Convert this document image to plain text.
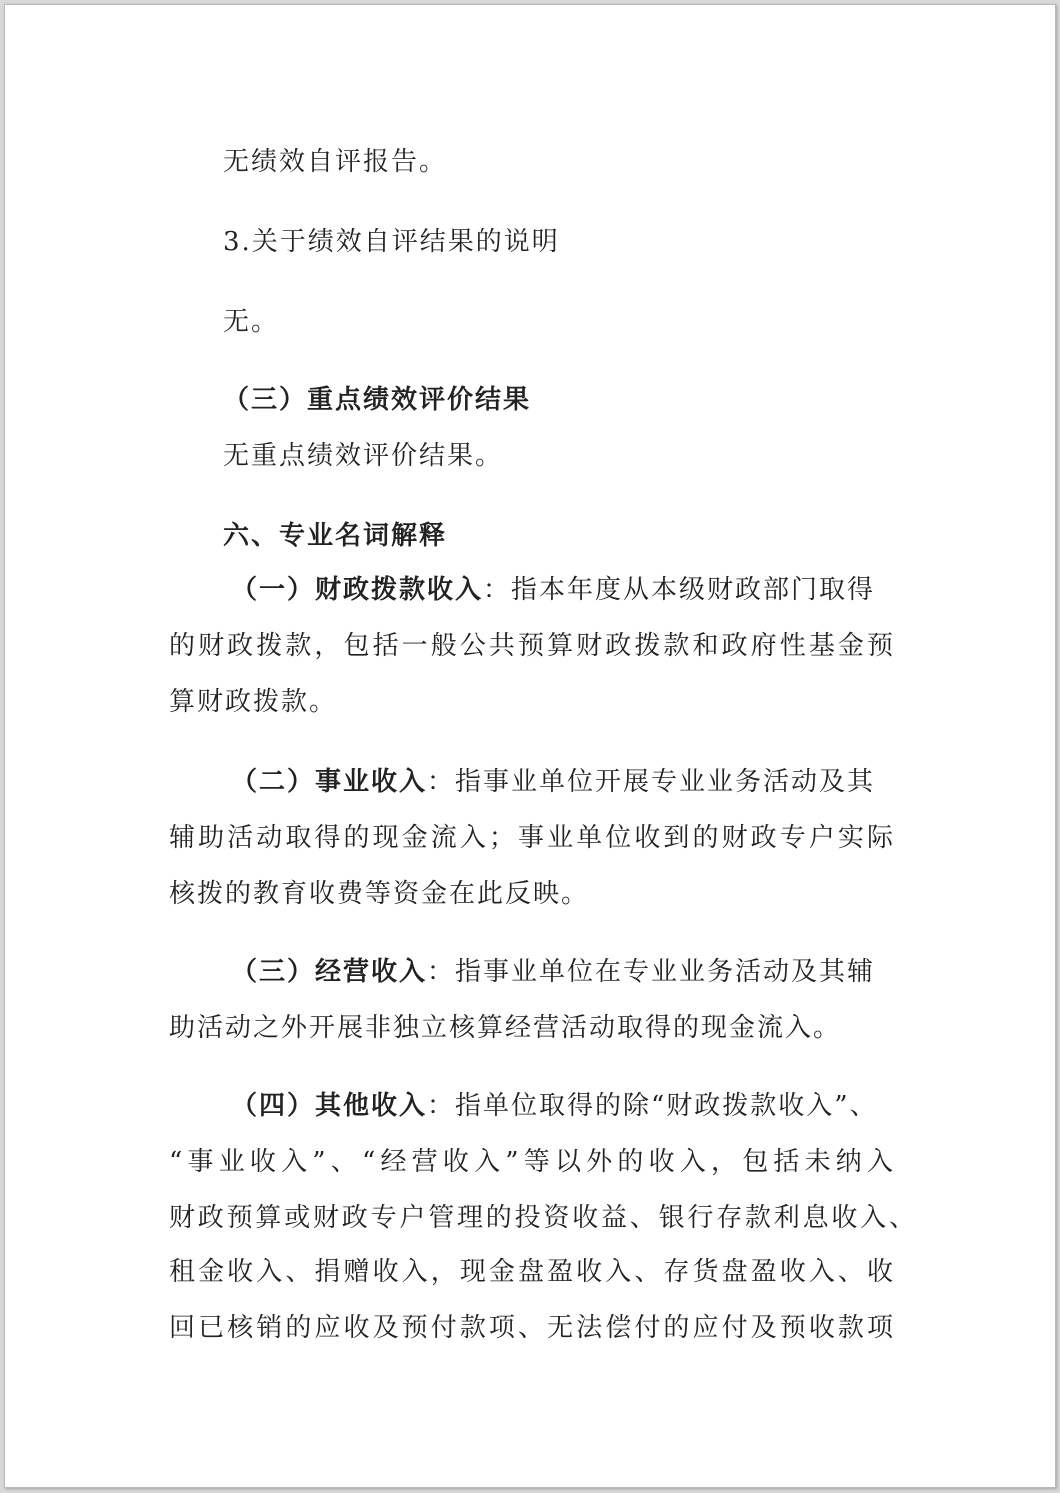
无绩效自评报告。
3.关于绩效自评结果的说明
无。
（三）重点绩效评价结果
无重点绩效评价结果。
六、专业名词解释
（一）财政拨款收入：指本年度从本级财政部门取得
的财政拨款，包括一般公共预算财政拨款和政府性基金预
算财政拨款。
（二）事业收入：指事业单位开展专业业务活动及其
辅助活动取得的现金流入；事业单位收到的财政专户实际
核拨的教育收费等资金在此反映。
（三）经营收入：指事业单位在专业业务活动及其辅
助活动之外开展非独立核算经营活动取得的现金流入。
（四）其他收入：指单位取得的除“财政拨款收入”、
“事业收入”、“经营收入”等以外的收入，包括未纳入
财政预算或财政专户管理的投资收益、银行存款利息收入、
租金收入、捐赠收入，现金盘盈收入、存货盘盈收入、收
回已核销的应收及预付款项、无法偿付的应付及预收款项
